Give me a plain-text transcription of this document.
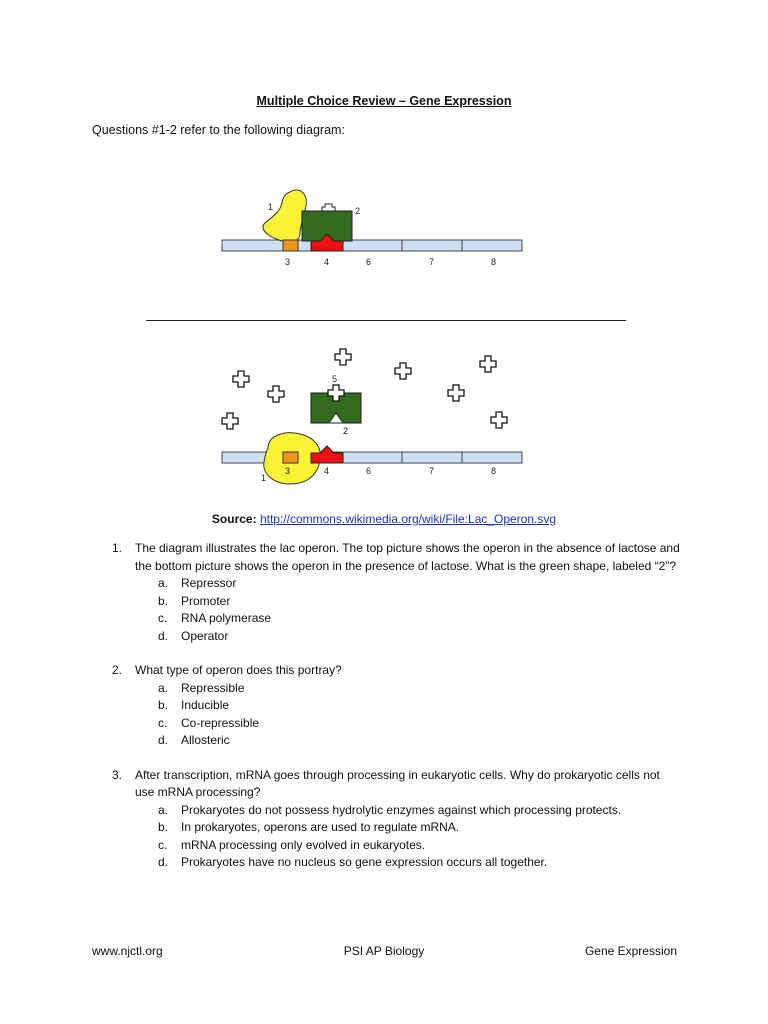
Multiple Choice Review – Gene Expression
Questions #1-2 refer to the following diagram:
1	2
3	4	6	7	8
5
2
1
3	4	6	7	8
Source: http://commons.wikimedia.org/wiki/File:Lac_Operon.svg
1.	The diagram illustrates the lac operon. The top picture shows the operon in the absence of lactose and the bottom picture shows the operon in the presence of lactose. What is the green shape, labeled “2”?
a.	Repressor
b.	Promoter
c.	RNA polymerase
d.	Operator
2.	What type of operon does this portray?
a.	Repressible
b.	Inducible
c.	Co-repressible
d.	Allosteric
3.	After transcription, mRNA goes through processing in eukaryotic cells. Why do prokaryotic cells not use mRNA processing?
a.	Prokaryotes do not possess hydrolytic enzymes against which processing protects.
b.	In prokaryotes, operons are used to regulate mRNA.
c.	mRNA processing only evolved in eukaryotes.
d.	Prokaryotes have no nucleus so gene expression occurs all together.
www.njctl.org	PSI AP Biology	Gene Expression
